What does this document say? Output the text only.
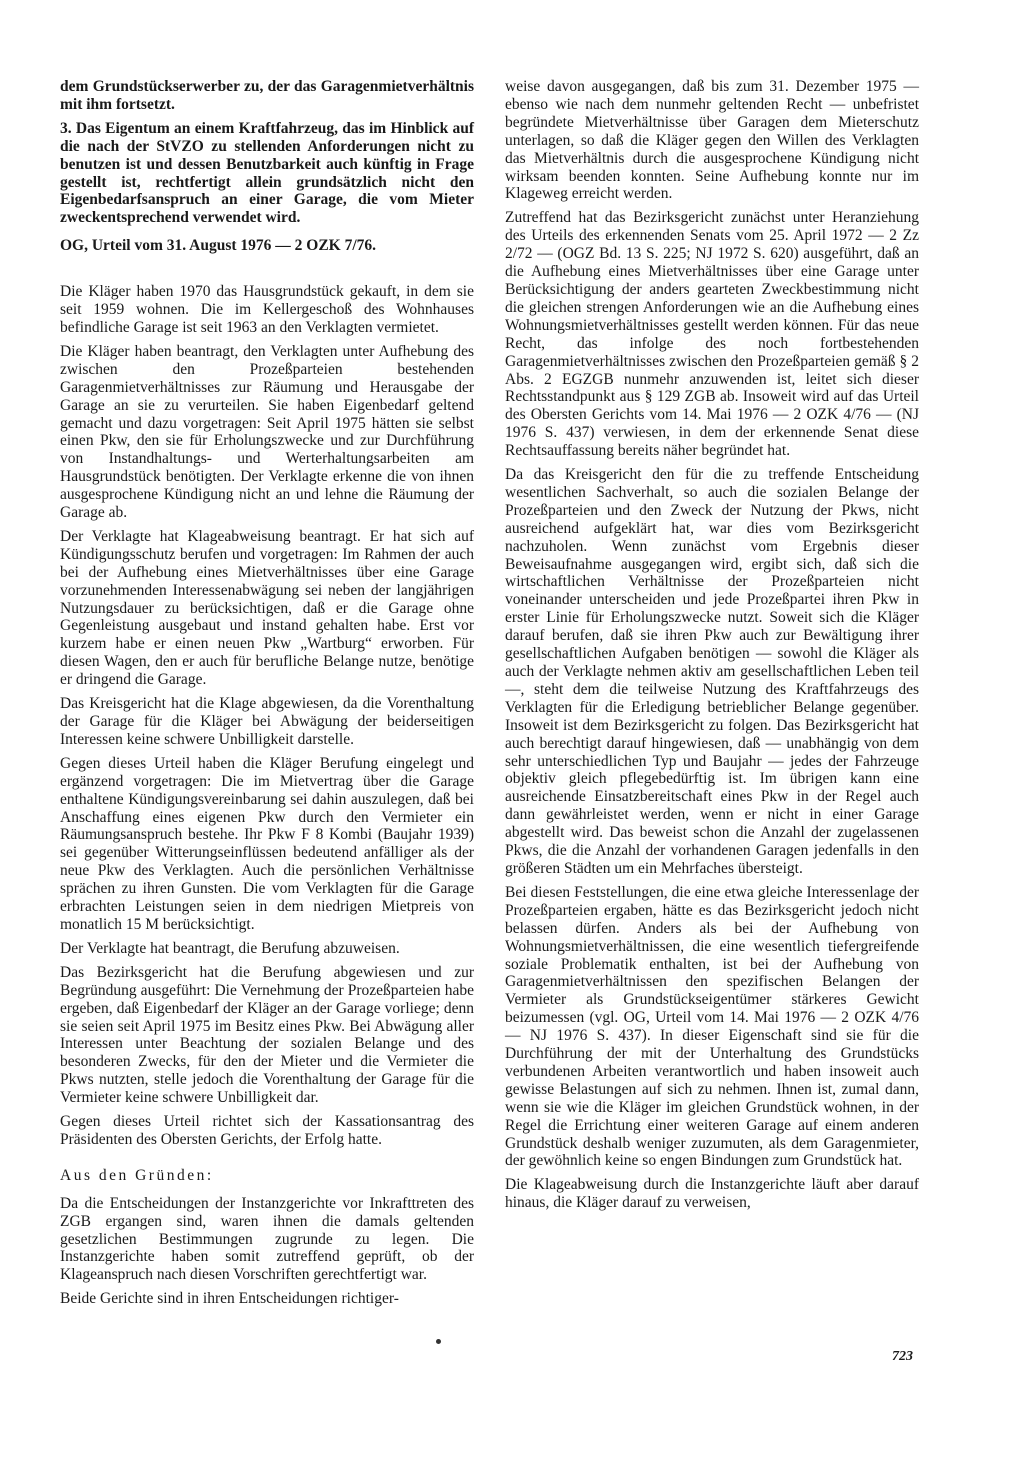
dem Grundstückserwerber zu, der das Garagenmietverhältnis mit ihm fortsetzt.

3. Das Eigentum an einem Kraftfahrzeug, das im Hinblick auf die nach der StVZO zu stellenden Anforderungen nicht zu benutzen ist und dessen Benutzbarkeit auch künftig in Frage gestellt ist, rechtfertigt allein grundsätzlich nicht den Eigenbedarfsanspruch an einer Garage, die vom Mieter zweckentsprechend verwendet wird.

OG, Urteil vom 31. August 1976 — 2 OZK 7/76.

Die Kläger haben 1970 das Hausgrundstück gekauft, in dem sie seit 1959 wohnen. Die im Kellergeschoß des Wohnhauses befindliche Garage ist seit 1963 an den Verklagten vermietet.

Die Kläger haben beantragt, den Verklagten unter Aufhebung des zwischen den Prozeßparteien bestehenden Garagenmietverhältnisses zur Räumung und Herausgabe der Garage an sie zu verurteilen. Sie haben Eigenbedarf geltend gemacht und dazu vorgetragen: Seit April 1975 hätten sie selbst einen Pkw, den sie für Erholungszwecke und zur Durchführung von Instandhaltungs- und Werterhaltungsarbeiten am Hausgrundstück benötigten. Der Verklagte erkenne die von ihnen ausgesprochene Kündigung nicht an und lehne die Räumung der Garage ab.

Der Verklagte hat Klageabweisung beantragt. Er hat sich auf Kündigungsschutz berufen und vorgetragen: Im Rahmen der auch bei der Aufhebung eines Mietverhältnisses über eine Garage vorzunehmenden Interessenabwägung sei neben der langjährigen Nutzungsdauer zu berücksichtigen, daß er die Garage ohne Gegenleistung ausgebaut und instand gehalten habe. Erst vor kurzem habe er einen neuen Pkw „Wartburg“ erworben. Für diesen Wagen, den er auch für berufliche Belange nutze, benötige er dringend die Garage.

Das Kreisgericht hat die Klage abgewiesen, da die Vorenthaltung der Garage für die Kläger bei Abwägung der beiderseitigen Interessen keine schwere Unbilligkeit darstelle.

Gegen dieses Urteil haben die Kläger Berufung eingelegt und ergänzend vorgetragen: Die im Mietvertrag über die Garage enthaltene Kündigungsvereinbarung sei dahin auszulegen, daß bei Anschaffung eines eigenen Pkw durch den Vermieter ein Räumungsanspruch bestehe. Ihr Pkw F 8 Kombi (Baujahr 1939) sei gegenüber Witterungseinflüssen bedeutend anfälliger als der neue Pkw des Verklagten. Auch die persönlichen Verhältnisse sprächen zu ihren Gunsten. Die vom Verklagten für die Garage erbrachten Leistungen seien in dem niedrigen Mietpreis von monatlich 15 M berücksichtigt.

Der Verklagte hat beantragt, die Berufung abzuweisen.

Das Bezirksgericht hat die Berufung abgewiesen und zur Begründung ausgeführt: Die Vernehmung der Prozeßparteien habe ergeben, daß Eigenbedarf der Kläger an der Garage vorliege; denn sie seien seit April 1975 im Besitz eines Pkw. Bei Abwägung aller Interessen unter Beachtung der sozialen Belange und des besonderen Zwecks, für den der Mieter und die Vermieter die Pkws nutzten, stelle jedoch die Vorenthaltung der Garage für die Vermieter keine schwere Unbilligkeit dar.

Gegen dieses Urteil richtet sich der Kassationsantrag des Präsidenten des Obersten Gerichts, der Erfolg hatte.

Aus den Gründen:

Da die Entscheidungen der Instanzgerichte vor Inkrafttreten des ZGB ergangen sind, waren ihnen die damals geltenden gesetzlichen Bestimmungen zugrunde zu legen. Die Instanzgerichte haben somit zutreffend geprüft, ob der Klageanspruch nach diesen Vorschriften gerechtfertigt war.

Beide Gerichte sind in ihren Entscheidungen richtiger-

weise davon ausgegangen, daß bis zum 31. Dezember 1975 — ebenso wie nach dem nunmehr geltenden Recht — unbefristet begründete Mietverhältnisse über Garagen dem Mieterschutz unterlagen, so daß die Kläger gegen den Willen des Verklagten das Mietverhältnis durch die ausgesprochene Kündigung nicht wirksam beenden konnten. Seine Aufhebung konnte nur im Klageweg erreicht werden.

Zutreffend hat das Bezirksgericht zunächst unter Heranziehung des Urteils des erkennenden Senats vom 25. April 1972 — 2 Zz 2/72 — (OGZ Bd. 13 S. 225; NJ 1972 S. 620) ausgeführt, daß an die Aufhebung eines Mietverhältnisses über eine Garage unter Berücksichtigung der anders gearteten Zweckbestimmung nicht die gleichen strengen Anforderungen wie an die Aufhebung eines Wohnungsmietverhältnisses gestellt werden können. Für das neue Recht, das infolge des noch fortbestehenden Garagenmietverhältnisses zwischen den Prozeßparteien gemäß § 2 Abs. 2 EGZGB nunmehr anzuwenden ist, leitet sich dieser Rechtsstandpunkt aus § 129 ZGB ab. Insoweit wird auf das Urteil des Obersten Gerichts vom 14. Mai 1976 — 2 OZK 4/76 — (NJ 1976 S. 437) verwiesen, in dem der erkennende Senat diese Rechtsauffassung bereits näher begründet hat.

Da das Kreisgericht den für die zu treffende Entscheidung wesentlichen Sachverhalt, so auch die sozialen Belange der Prozeßparteien und den Zweck der Nutzung der Pkws, nicht ausreichend aufgeklärt hat, war dies vom Bezirksgericht nachzuholen. Wenn zunächst vom Ergebnis dieser Beweisaufnahme ausgegangen wird, ergibt sich, daß sich die wirtschaftlichen Verhältnisse der Prozeßparteien nicht voneinander unterscheiden und jede Prozeßpartei ihren Pkw in erster Linie für Erholungszwecke nutzt. Soweit sich die Kläger darauf berufen, daß sie ihren Pkw auch zur Bewältigung ihrer gesellschaftlichen Aufgaben benötigen — sowohl die Kläger als auch der Verklagte nehmen aktiv am gesellschaftlichen Leben teil —, steht dem die teilweise Nutzung des Kraftfahrzeugs des Verklagten für die Erledigung betrieblicher Belange gegenüber. Insoweit ist dem Bezirksgericht zu folgen. Das Bezirksgericht hat auch berechtigt darauf hingewiesen, daß — unabhängig von dem sehr unterschiedlichen Typ und Baujahr — jedes der Fahrzeuge objektiv gleich pflegebedürftig ist. Im übrigen kann eine ausreichende Einsatzbereitschaft eines Pkw in der Regel auch dann gewährleistet werden, wenn er nicht in einer Garage abgestellt wird. Das beweist schon die Anzahl der zugelassenen Pkws, die die Anzahl der vorhandenen Garagen jedenfalls in den größeren Städten um ein Mehrfaches übersteigt.

Bei diesen Feststellungen, die eine etwa gleiche Interessenlage der Prozeßparteien ergaben, hätte es das Bezirksgericht jedoch nicht belassen dürfen. Anders als bei der Aufhebung von Wohnungsmietverhältnissen, die eine wesentlich tiefergreifende soziale Problematik enthalten, ist bei der Aufhebung von Garagenmietverhältnissen den spezifischen Belangen der Vermieter als Grundstückseigentümer stärkeres Gewicht beizumessen (vgl. OG, Urteil vom 14. Mai 1976 — 2 OZK 4/76 — NJ 1976 S. 437). In dieser Eigenschaft sind sie für die Durchführung der mit der Unterhaltung des Grundstücks verbundenen Arbeiten verantwortlich und haben insoweit auch gewisse Belastungen auf sich zu nehmen. Ihnen ist, zumal dann, wenn sie wie die Kläger im gleichen Grundstück wohnen, in der Regel die Errichtung einer weiteren Garage auf einem anderen Grundstück deshalb weniger zuzumuten, als dem Garagenmieter, der gewöhnlich keine so engen Bindungen zum Grundstück hat.

Die Klageabweisung durch die Instanzgerichte läuft aber darauf hinaus, die Kläger darauf zu verweisen,

723
